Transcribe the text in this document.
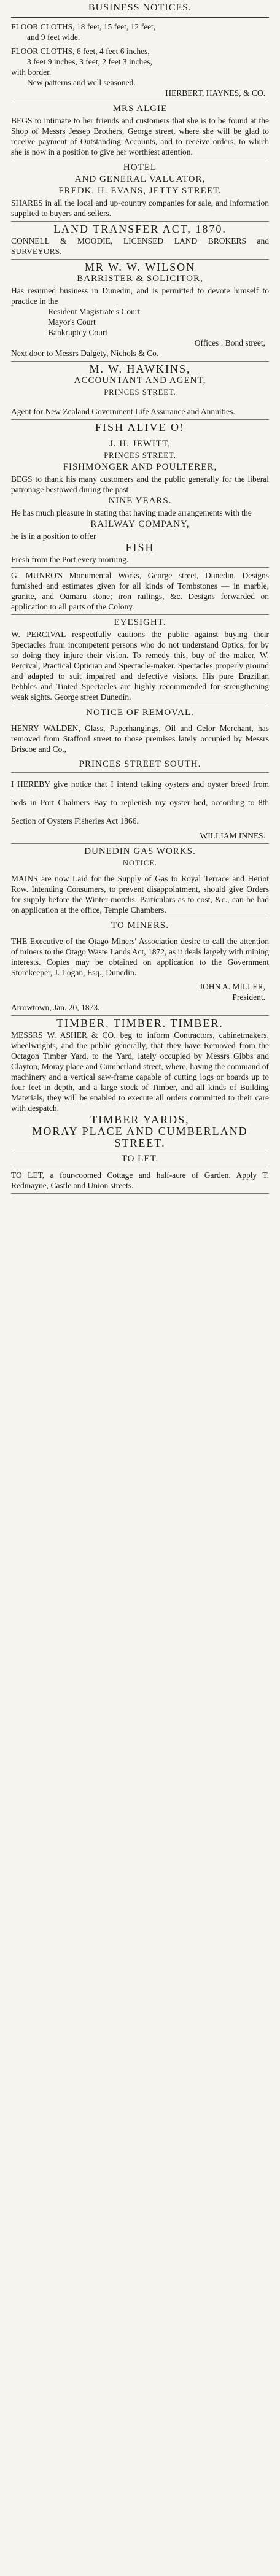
BUSINESS NOTICES.

FLOOR CLOTHS, 18 feet, 15 feet, 12 feet,

and 9 feet wide.

FLOOR CLOTHS, 6 feet, 4 feet 6 inches,

3 feet 9 inches, 3 feet, 2 feet 3 inches,

with border.

New patterns and well seasoned.

HERBERT, HAYNES, & CO.

MRS ALGIE

BEGS to intimate to her friends and customers that she is to be found at the Shop of Messrs Jessep Brothers, George street, where she will be glad to receive payment of Outstanding Accounts, and to receive orders, to which she is now in a position to give her worthiest attention.

HOTEL
AND GENERAL VALUATOR,
FREDK. H. EVANS, JETTY STREET.

SHARES in all the local and up-country companies for sale, and information supplied to buyers and sellers.

LAND TRANSFER ACT, 1870.

CONNELL & MOODIE, LICENSED LAND BROKERS and SURVEYORS.

MR W. W. WILSON
BARRISTER & SOLICITOR,

Has resumed business in Dunedin, and is permitted to devote himself to practice in the

Resident Magistrate's Court

Mayor's Court

Bankruptcy Court

Offices : Bond street,

Next door to Messrs Dalgety, Nichols & Co.

M. W. HAWKINS,
ACCOUNTANT AND AGENT,
PRINCES STREET.

Agent for New Zealand Government Life Assurance and Annuities.

FISH ALIVE O!
J. H. JEWITT,
PRINCES STREET,
FISHMONGER AND POULTERER,

BEGS to thank his many customers and the public generally for the liberal patronage bestowed during the past

NINE YEARS.

He has much pleasure in stating that having made arrangements with the

RAILWAY COMPANY,

he is in a position to offer

FISH

Fresh from the Port every morning.

G. MUNRO'S Monumental Works, George street, Dunedin. Designs furnished and estimates given for all kinds of Tombstones — in marble, granite, and Oamaru stone; iron railings, &c. Designs forwarded on application to all parts of the Colony.

EYESIGHT.

W. PERCIVAL respectfully cautions the public against buying their Spectacles from incompetent persons who do not understand Optics, for by so doing they injure their vision. To remedy this, buy of the maker, W. Percival, Practical Optician and Spectacle-maker. Spectacles properly ground and adapted to suit impaired and defective visions. His pure Brazilian Pebbles and Tinted Spectacles are highly recommended for strengthening weak sights. George street Dunedin.

NOTICE OF REMOVAL.

HENRY WALDEN, Glass, Paperhangings, Oil and Celor Merchant, has removed from Stafford street to those premises lately occupied by Messrs Briscoe and Co.,

PRINCES STREET SOUTH.

I HEREBY give notice that I intend taking oysters and oyster breed from beds in Port Chalmers Bay to replenish my oyster bed, according to 8th Section of Oysters Fisheries Act 1866.

WILLIAM INNES.

DUNEDIN GAS WORKS.
NOTICE.

MAINS are now Laid for the Supply of Gas to Royal Terrace and Heriot Row. Intending Consumers, to prevent disappointment, should give Orders for supply before the Winter months. Particulars as to cost, &c., can be had on application at the office, Temple Chambers.

TO MINERS.

THE Executive of the Otago Miners' Association desire to call the attention of miners to the Otago Waste Lands Act, 1872, as it deals largely with mining interests. Copies may be obtained on application to the Government Storekeeper, J. Logan, Esq., Dunedin.

JOHN A. MILLER,

President.

Arrowtown, Jan. 20, 1873.

TIMBER. TIMBER. TIMBER.

MESSRS W. ASHER & CO. beg to inform Contractors, cabinetmakers, wheelwrights, and the public generally, that they have Removed from the Octagon Timber Yard, to the Yard, lately occupied by Messrs Gibbs and Clayton, Moray place and Cumberland street, where, having the command of machinery and a vertical saw-frame capable of cutting logs or boards up to four feet in depth, and a large stock of Timber, and all kinds of Building Materials, they will be enabled to execute all orders committed to their care with despatch.

TIMBER YARDS,
MORAY PLACE AND CUMBERLAND
STREET.
TO LET.

TO LET, a four-roomed Cottage and half-acre of Garden. Apply T. Redmayne, Castle and Union streets.
